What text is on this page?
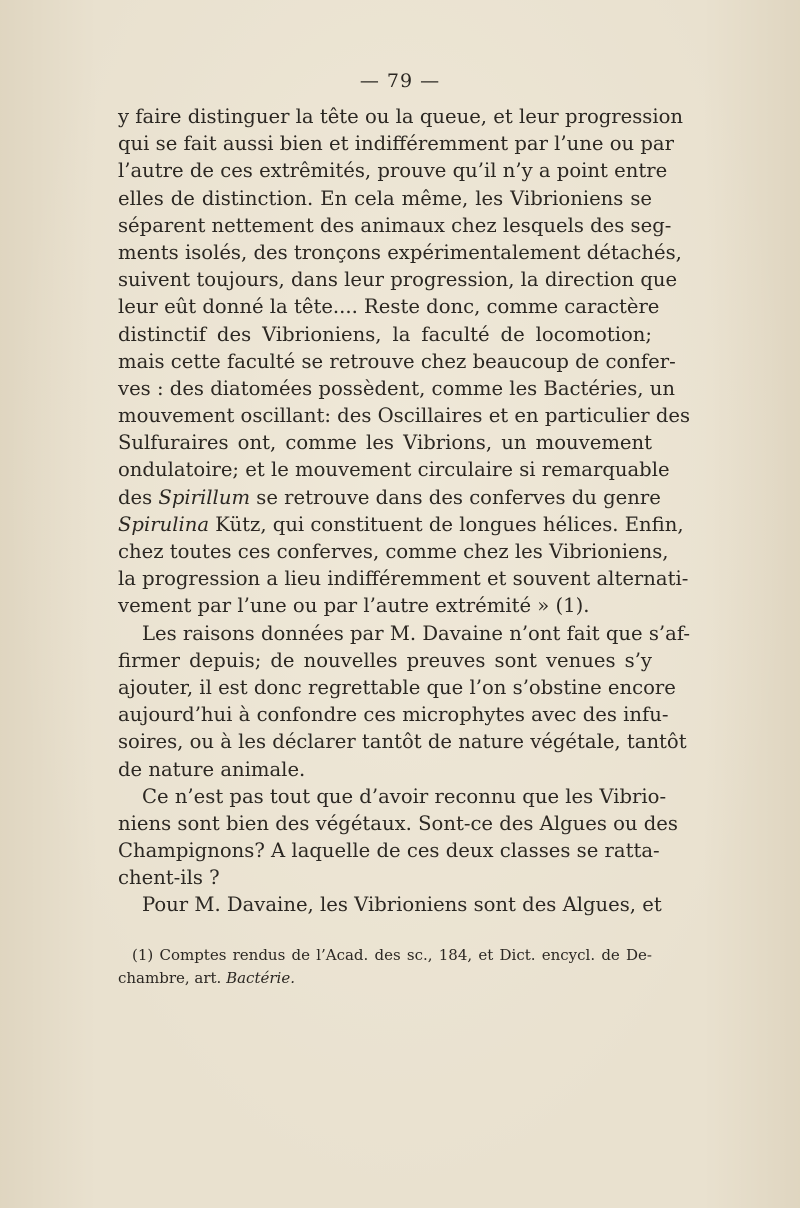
— 79 —
y faire distinguer la tête ou la queue, et leur progression
qui se fait aussi bien et indifféremment par l’une ou par
l’autre de ces extrêmités, prouve qu’il n’y a point entre
elles de distinction. En cela même, les Vibrioniens se
séparent nettement des animaux chez lesquels des seg-
ments isolés, des tronçons expérimentalement détachés,
suivent toujours, dans leur progression, la direction que
leur eût donné la tête.... Reste donc, comme caractère
distinctif des Vibrioniens, la faculté de locomotion;
mais cette faculté se retrouve chez beaucoup de confer-
ves : des diatomées possèdent, comme les Bactéries, un
mouvement oscillant: des Oscillaires et en particulier des
Sulfuraires ont, comme les Vibrions, un mouvement
ondulatoire; et le mouvement circulaire si remarquable
des Spirillum se retrouve dans des conferves du genre
Spirulina Kütz, qui constituent de longues hélices. Enfin,
chez toutes ces conferves, comme chez les Vibrioniens,
la progression a lieu indifféremment et souvent alternati-
vement par l’une ou par l’autre extrémité » (1).
Les raisons données par M. Davaine n’ont fait que s’af-
firmer depuis; de nouvelles preuves sont venues s’y
ajouter, il est donc regrettable que l’on s’obstine encore
aujourd’hui à confondre ces microphytes avec des infu-
soires, ou à les déclarer tantôt de nature végétale, tantôt
de nature animale.
Ce n’est pas tout que d’avoir reconnu que les Vibrio-
niens sont bien des végétaux. Sont-ce des Algues ou des
Champignons? A laquelle de ces deux classes se ratta-
chent-ils ?
Pour M. Davaine, les Vibrioniens sont des Algues, et
(1) Comptes rendus de l’Acad. des sc., 184, et Dict. encycl. de De-
chambre, art. Bactérie.
